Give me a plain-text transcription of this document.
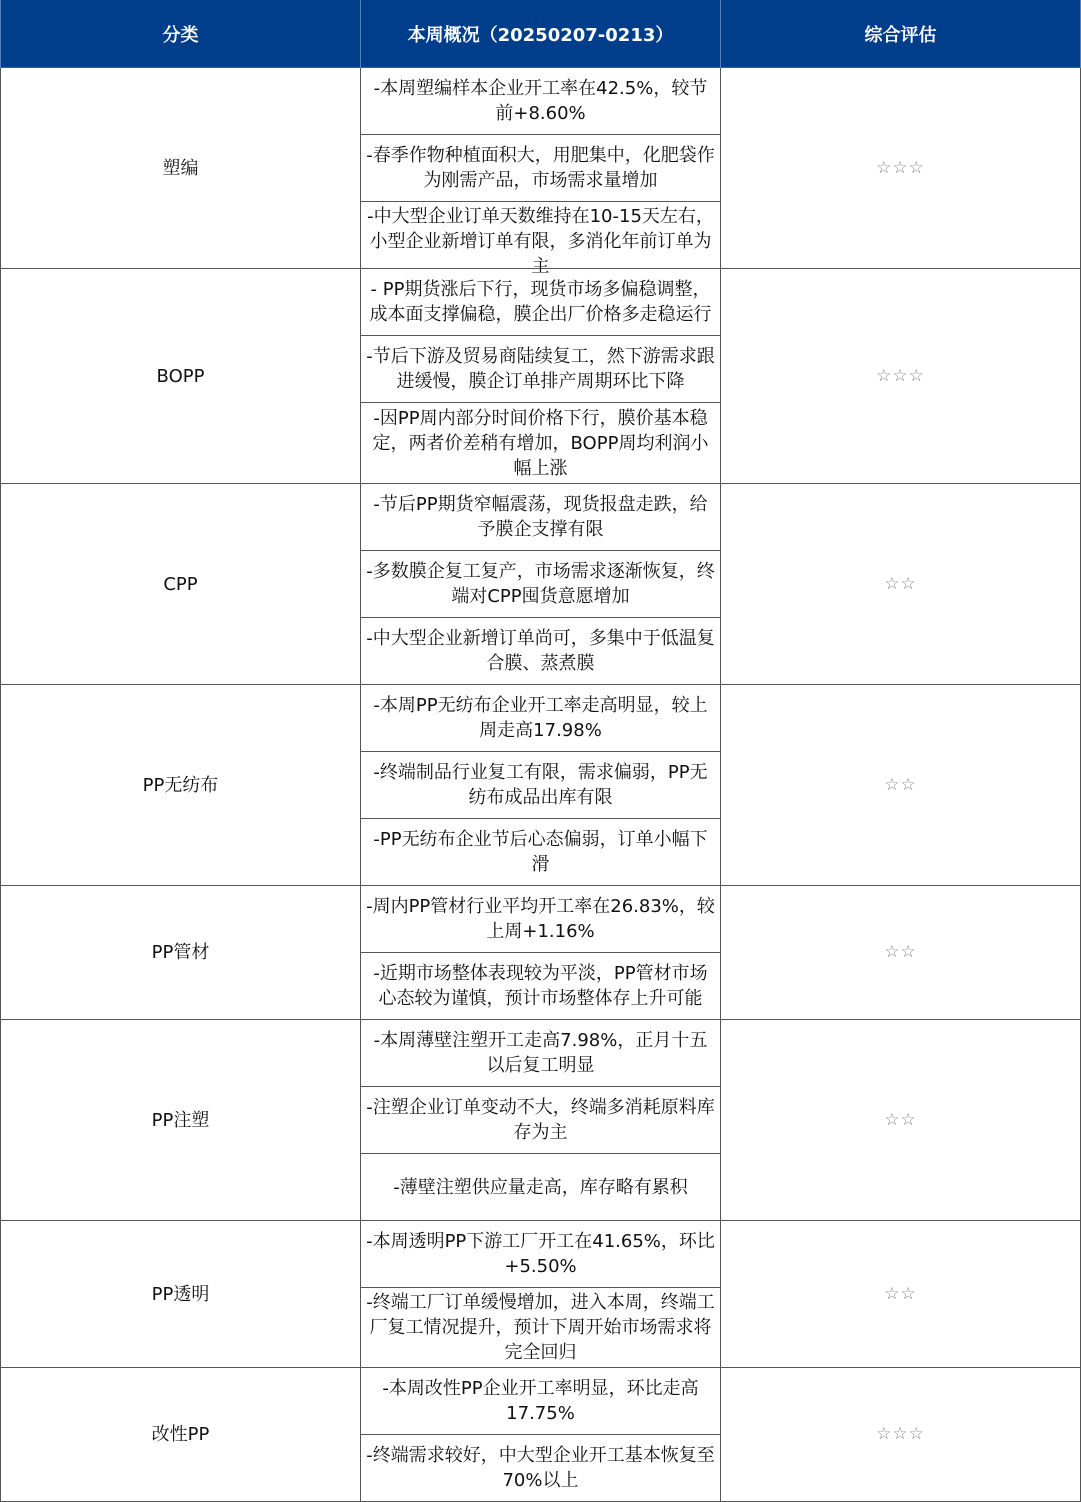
分类	本周概况（20250207-0213）	综合评估
塑编	-本周塑编样本企业开工率在42.5%，较节前+8.60%	☆☆☆
	-春季作物种植面积大，用肥集中，化肥袋作为刚需产品，市场需求量增加	

	-中大型企业订单天数维持在10-15天左右，小型企业新增订单有限，多消化年前订单为主	

BOPP	- PP期货涨后下行，现货市场多偏稳调整，成本面支撑偏稳，膜企出厂价格多走稳运行	☆☆☆
	-节后下游及贸易商陆续复工，然下游需求跟进缓慢，膜企订单排产周期环比下降	
	-因PP周内部分时间价格下行，膜价基本稳定，两者价差稍有增加，BOPP周均利润小幅上涨	
CPP	-节后PP期货窄幅震荡，现货报盘走跌，给予膜企支撑有限	☆☆
	-多数膜企复工复产，市场需求逐渐恢复，终端对CPP囤货意愿增加	
	-中大型企业新增订单尚可，多集中于低温复合膜、蒸煮膜	
PP无纺布	-本周PP无纺布企业开工率走高明显，较上周走高17.98%	☆☆
	-终端制品行业复工有限，需求偏弱，PP无纺布成品出库有限	
	-PP无纺布企业节后心态偏弱，订单小幅下滑	
PP管材	-周内PP管材行业平均开工率在26.83%，较上周+1.16%	☆☆
	-近期市场整体表现较为平淡，PP管材市场心态较为谨慎，预计市场整体存上升可能	
PP注塑	-本周薄壁注塑开工走高7.98%，正月十五以后复工明显	☆☆
	-注塑企业订单变动不大，终端多消耗原料库存为主	
	-薄壁注塑供应量走高，库存略有累积	
PP透明	-本周透明PP下游工厂开工在41.65%，环比+5.50%	☆☆
	-终端工厂订单缓慢增加，进入本周，终端工厂复工情况提升，预计下周开始市场需求将完全回归	
改性PP	-本周改性PP企业开工率明显，环比走高17.75%	☆☆☆
	-终端需求较好，中大型企业开工基本恢复至70%以上	
